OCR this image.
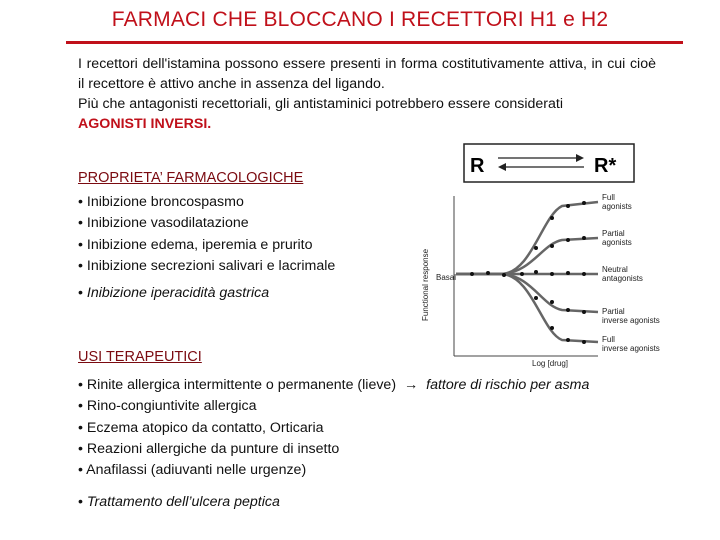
FARMACI CHE BLOCCANO I RECETTORI H1 e H2

I recettori dell'istamina possono essere presenti in forma costitutivamente attiva, in cui cioè il recettore è attivo anche in assenza del ligando.

Più che antagonisti recettoriali, gli antistaminici potrebbero essere considerati
AGONISTI INVERSI.

PROPRIETA’ FARMACOLOGICHE
• Inibizione broncospasmo
• Inibizione vasodilatazione
• Inibizione edema, iperemia e prurito
• Inibizione secrezioni salivari e lacrimale
• Inibizione iperacidità gastrica
USI TERAPEUTICI
• Rinite allergica intermittente o permanente (lieve) → fattore di rischio per asma
• Rino-congiuntivite allergica
• Eczema atopico da contatto, Orticaria
• Reazioni allergiche da punture di insetto
• Anafilassi (adiuvanti nelle urgenze)
• Trattamento dell’ulcera peptica
R	R*
Functional response
Log [drug]
Basal
Full agonists
Partial agonists
Neutral antagonists
Partial inverse agonists
Full inverse agonists
